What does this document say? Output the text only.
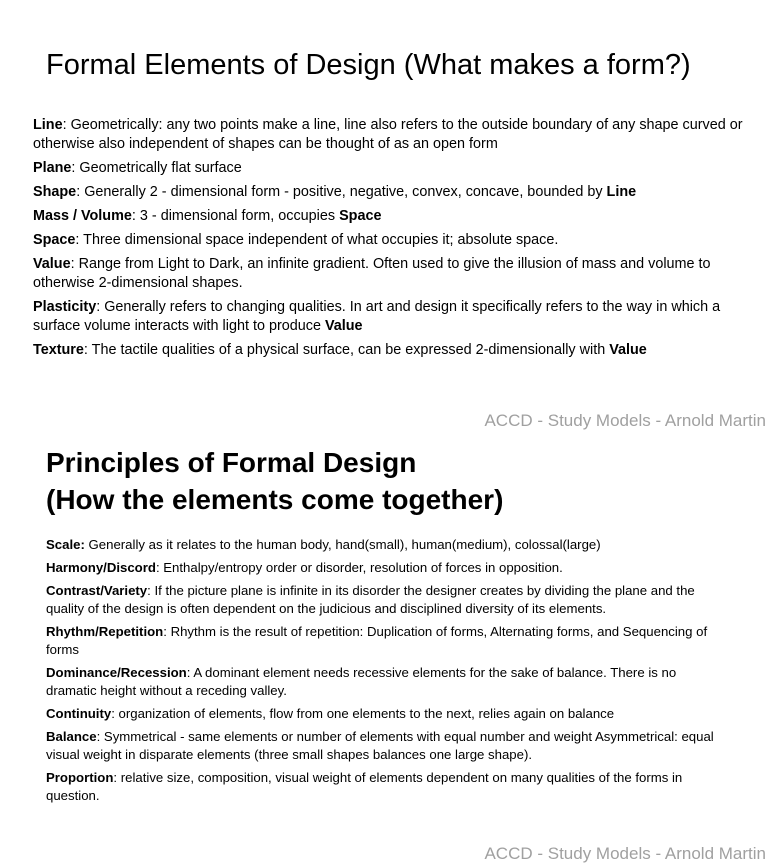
Formal Elements of Design (What makes a form?)

Line: Geometrically: any two points make a line, line also refers to the outside boundary of any shape curved or otherwise also independent of shapes can be thought of as an open form

Plane: Geometrically flat surface

Shape: Generally 2 - dimensional form - positive, negative, convex, concave, bounded by Line

Mass / Volume: 3 - dimensional form, occupies Space

Space: Three dimensional space independent of what occupies it; absolute space.

Value: Range from Light to Dark, an infinite gradient. Often used to give the illusion of mass and volume to otherwise 2-dimensional shapes.

Plasticity: Generally refers to changing qualities. In art and design it specifically refers to the way in which a surface volume interacts with light to produce Value

Texture: The tactile qualities of a physical surface, can be expressed 2-dimensionally with Value

ACCD - Study Models - Arnold Martin
Principles of Formal Design
(How the elements come together)

Scale: Generally as it relates to the human body, hand(small), human(medium), colossal(large)

Harmony/Discord: Enthalpy/entropy order or disorder, resolution of forces in opposition.

Contrast/Variety: If the picture plane is infinite in its disorder the designer creates by dividing the plane and the quality of the design is often dependent on the judicious and disciplined diversity of its elements.

Rhythm/Repetition: Rhythm is the result of repetition: Duplication of forms, Alternating forms, and Sequencing of forms

Dominance/Recession: A dominant element needs recessive elements for the sake of balance. There is no dramatic height without a receding valley.

Continuity: organization of elements, flow from one elements to the next, relies again on balance

Balance: Symmetrical - same elements or number of elements with equal number and weight Asymmetrical: equal visual weight in disparate elements (three small shapes balances one large shape).

Proportion: relative size, composition, visual weight of elements dependent on many qualities of the forms in question.

ACCD - Study Models - Arnold Martin
